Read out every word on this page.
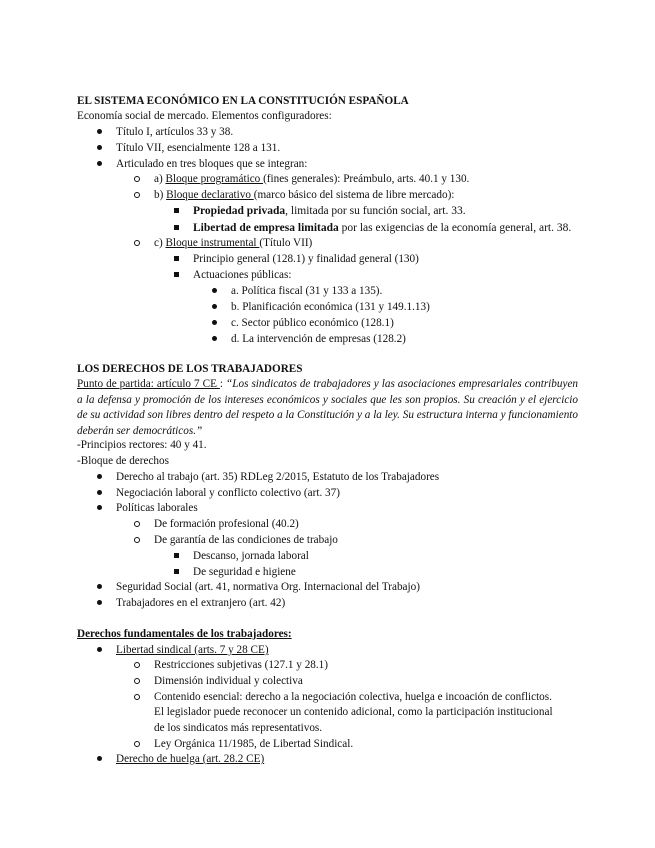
EL SISTEMA ECONÓMICO EN LA CONSTITUCIÓN ESPAÑOLA
Economía social de mercado. Elementos configuradores:
Título I, artículos 33 y 38.
Título VII, esencialmente 128 a 131.
Articulado en tres bloques que se integran:
a) Bloque programático (fines generales): Preámbulo, arts. 40.1 y 130.
b) Bloque declarativo (marco básico del sistema de libre mercado):
Propiedad privada, limitada por su función social, art. 33.
Libertad de empresa limitada por las exigencias de la economía general, art. 38.
c) Bloque instrumental (Título VII)
Principio general (128.1) y finalidad general (130)
Actuaciones públicas:
a. Política fiscal (31 y 133 a 135).
b. Planificación económica (131 y 149.1.13)
c. Sector público económico (128.1)
d. La intervención de empresas (128.2)
LOS DERECHOS DE LOS TRABAJADORES
Punto de partida: artículo 7 CE : “Los sindicatos de trabajadores y las asociaciones empresariales contribuyen a la defensa y promoción de los intereses económicos y sociales que les son propios. Su creación y el ejercicio de su actividad son libres dentro del respeto a la Constitución y a la ley. Su estructura interna y funcionamiento deberán ser democráticos.”
-Principios rectores: 40 y 41.
-Bloque de derechos
Derecho al trabajo (art. 35) RDLeg 2/2015, Estatuto de los Trabajadores
Negociación laboral y conflicto colectivo (art. 37)
Políticas laborales
De formación profesional (40.2)
De garantía de las condiciones de trabajo
Descanso, jornada laboral
De seguridad e higiene
Seguridad Social (art. 41, normativa Org. Internacional del Trabajo)
Trabajadores en el extranjero (art. 42)
Derechos fundamentales de los trabajadores:
Libertad sindical (arts. 7 y 28 CE)
Restricciones subjetivas (127.1 y 28.1)
Dimensión individual y colectiva
Contenido esencial: derecho a la negociación colectiva, huelga e incoación de conflictos.
El legislador puede reconocer un contenido adicional, como la participación institucional
de los sindicatos más representativos.
Ley Orgánica 11/1985, de Libertad Sindical.
Derecho de huelga (art. 28.2 CE)
